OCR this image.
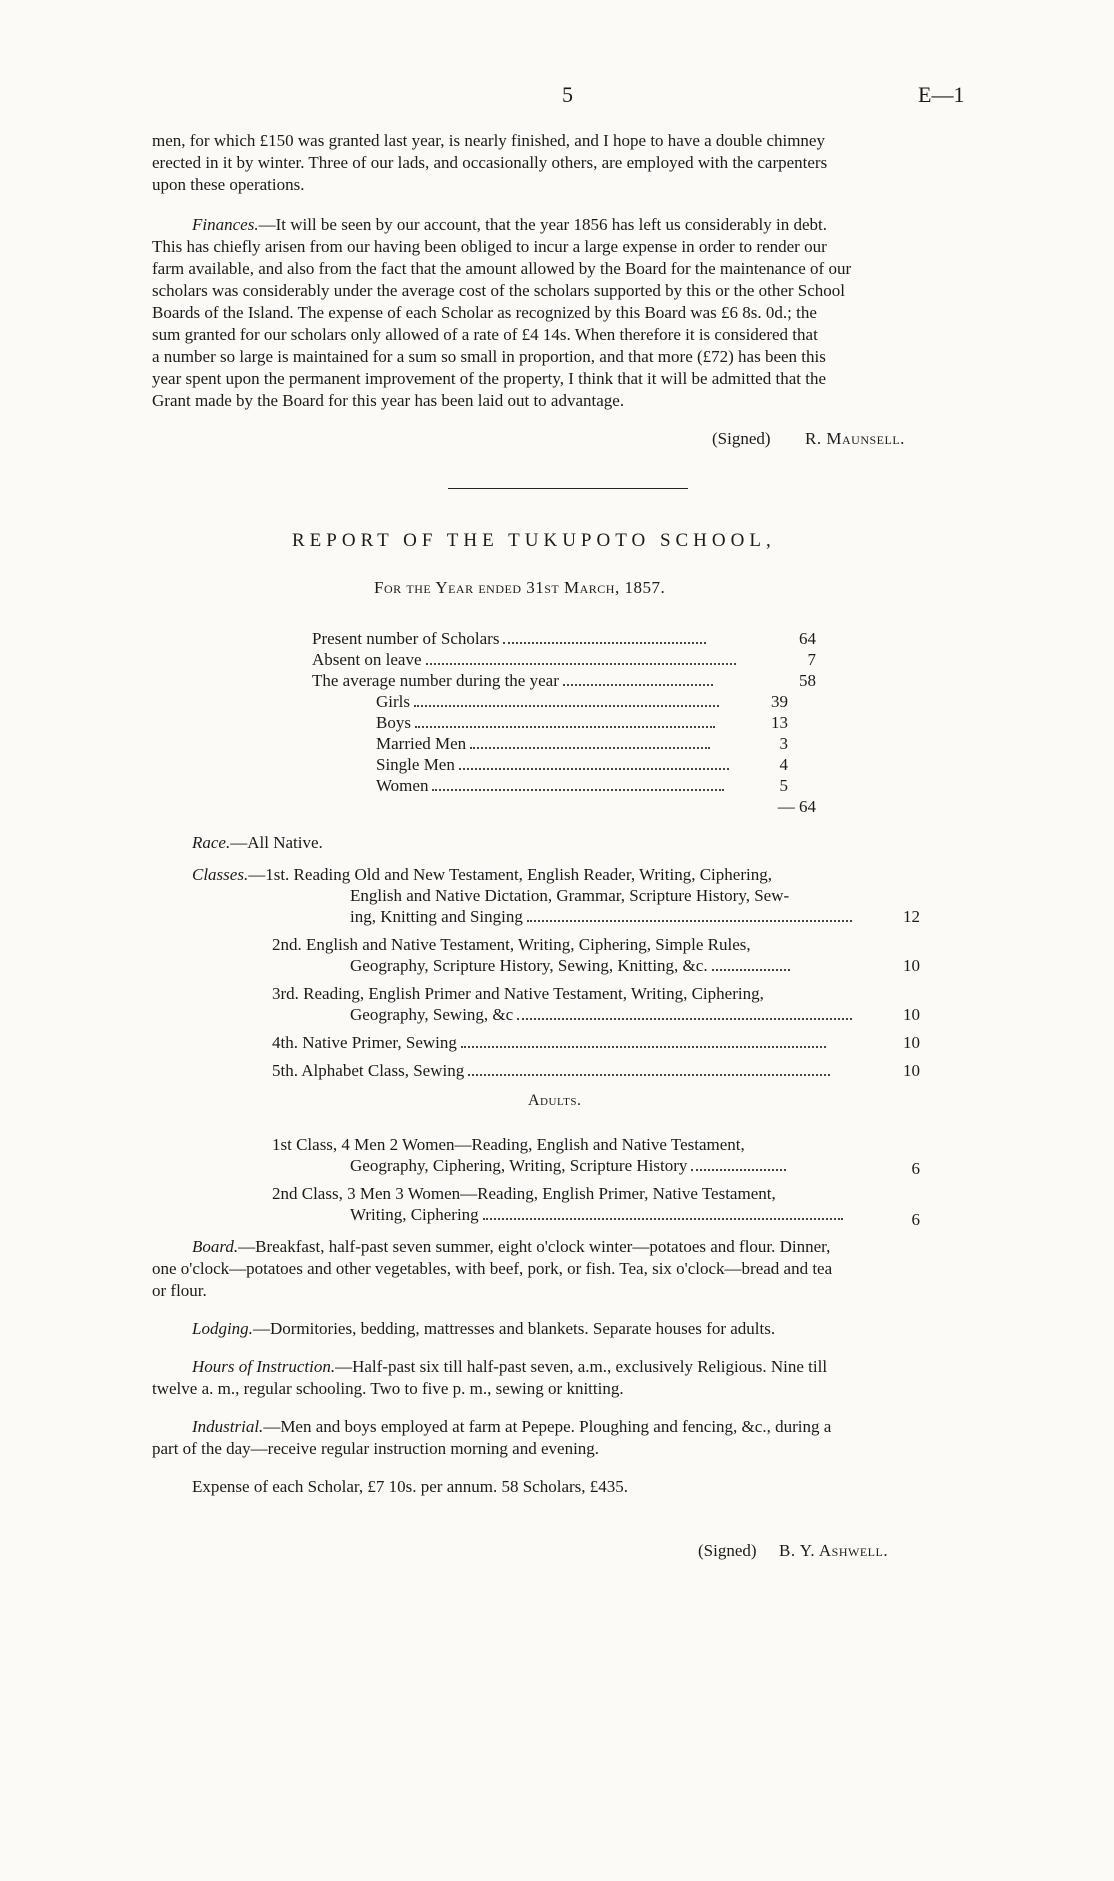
5	E—1
men, for which £150 was granted last year, is nearly finished, and I hope to have a double chimney
erected in it by winter. Three of our lads, and occasionally others, are employed with the carpenters
upon these operations.
Finances.—It will be seen by our account, that the year 1856 has left us considerably in debt.
This has chiefly arisen from our having been obliged to incur a large expense in order to render our
farm available, and also from the fact that the amount allowed by the Board for the maintenance of our
scholars was considerably under the average cost of the scholars supported by this or the other School
Boards of the Island. The expense of each Scholar as recognized by this Board was £6 8s. 0d.; the
sum granted for our scholars only allowed of a rate of £4 14s. When therefore it is considered that
a number so large is maintained for a sum so small in proportion, and that more (£72) has been this
year spent upon the permanent improvement of the property, I think that it will be admitted that the
Grant made by the Board for this year has been laid out to advantage.
(Signed) R. Maunsell.
REPORT OF THE TUKUPOTO SCHOOL,
For the Year ended 31st March, 1857.
Present number of Scholars	64
Absent on leave	7
The average number during the year	58
Girls	39
Boys	13
Married Men	3
Single Men	4
Women	5
— 64
Race.—All Native.
Classes.—1st. Reading Old and New Testament, English Reader, Writing, Ciphering,
English and Native Dictation, Grammar, Scripture History, Sew-
ing, Knitting and Singing	12
2nd. English and Native Testament, Writing, Ciphering, Simple Rules,
Geography, Scripture History, Sewing, Knitting, &c.	10
3rd. Reading, English Primer and Native Testament, Writing, Ciphering,
Geography, Sewing, &c	10
4th. Native Primer, Sewing	10
5th. Alphabet Class, Sewing	10
Adults.
1st Class, 4 Men 2 Women—Reading, English and Native Testament,
Geography, Ciphering, Writing, Scripture History	6
2nd Class, 3 Men 3 Women—Reading, English Primer, Native Testament,
Writing, Ciphering	6
Board.—Breakfast, half-past seven summer, eight o'clock winter—potatoes and flour. Dinner,
one o'clock—potatoes and other vegetables, with beef, pork, or fish. Tea, six o'clock—bread and tea
or flour.
Lodging.—Dormitories, bedding, mattresses and blankets. Separate houses for adults.
Hours of Instruction.—Half-past six till half-past seven, a.m., exclusively Religious. Nine till
twelve a. m., regular schooling. Two to five p. m., sewing or knitting.
Industrial.—Men and boys employed at farm at Pepepe. Ploughing and fencing, &c., during a
part of the day—receive regular instruction morning and evening.
Expense of each Scholar, £7 10s. per annum. 58 Scholars, £435.
(Signed) B. Y. Ashwell.
